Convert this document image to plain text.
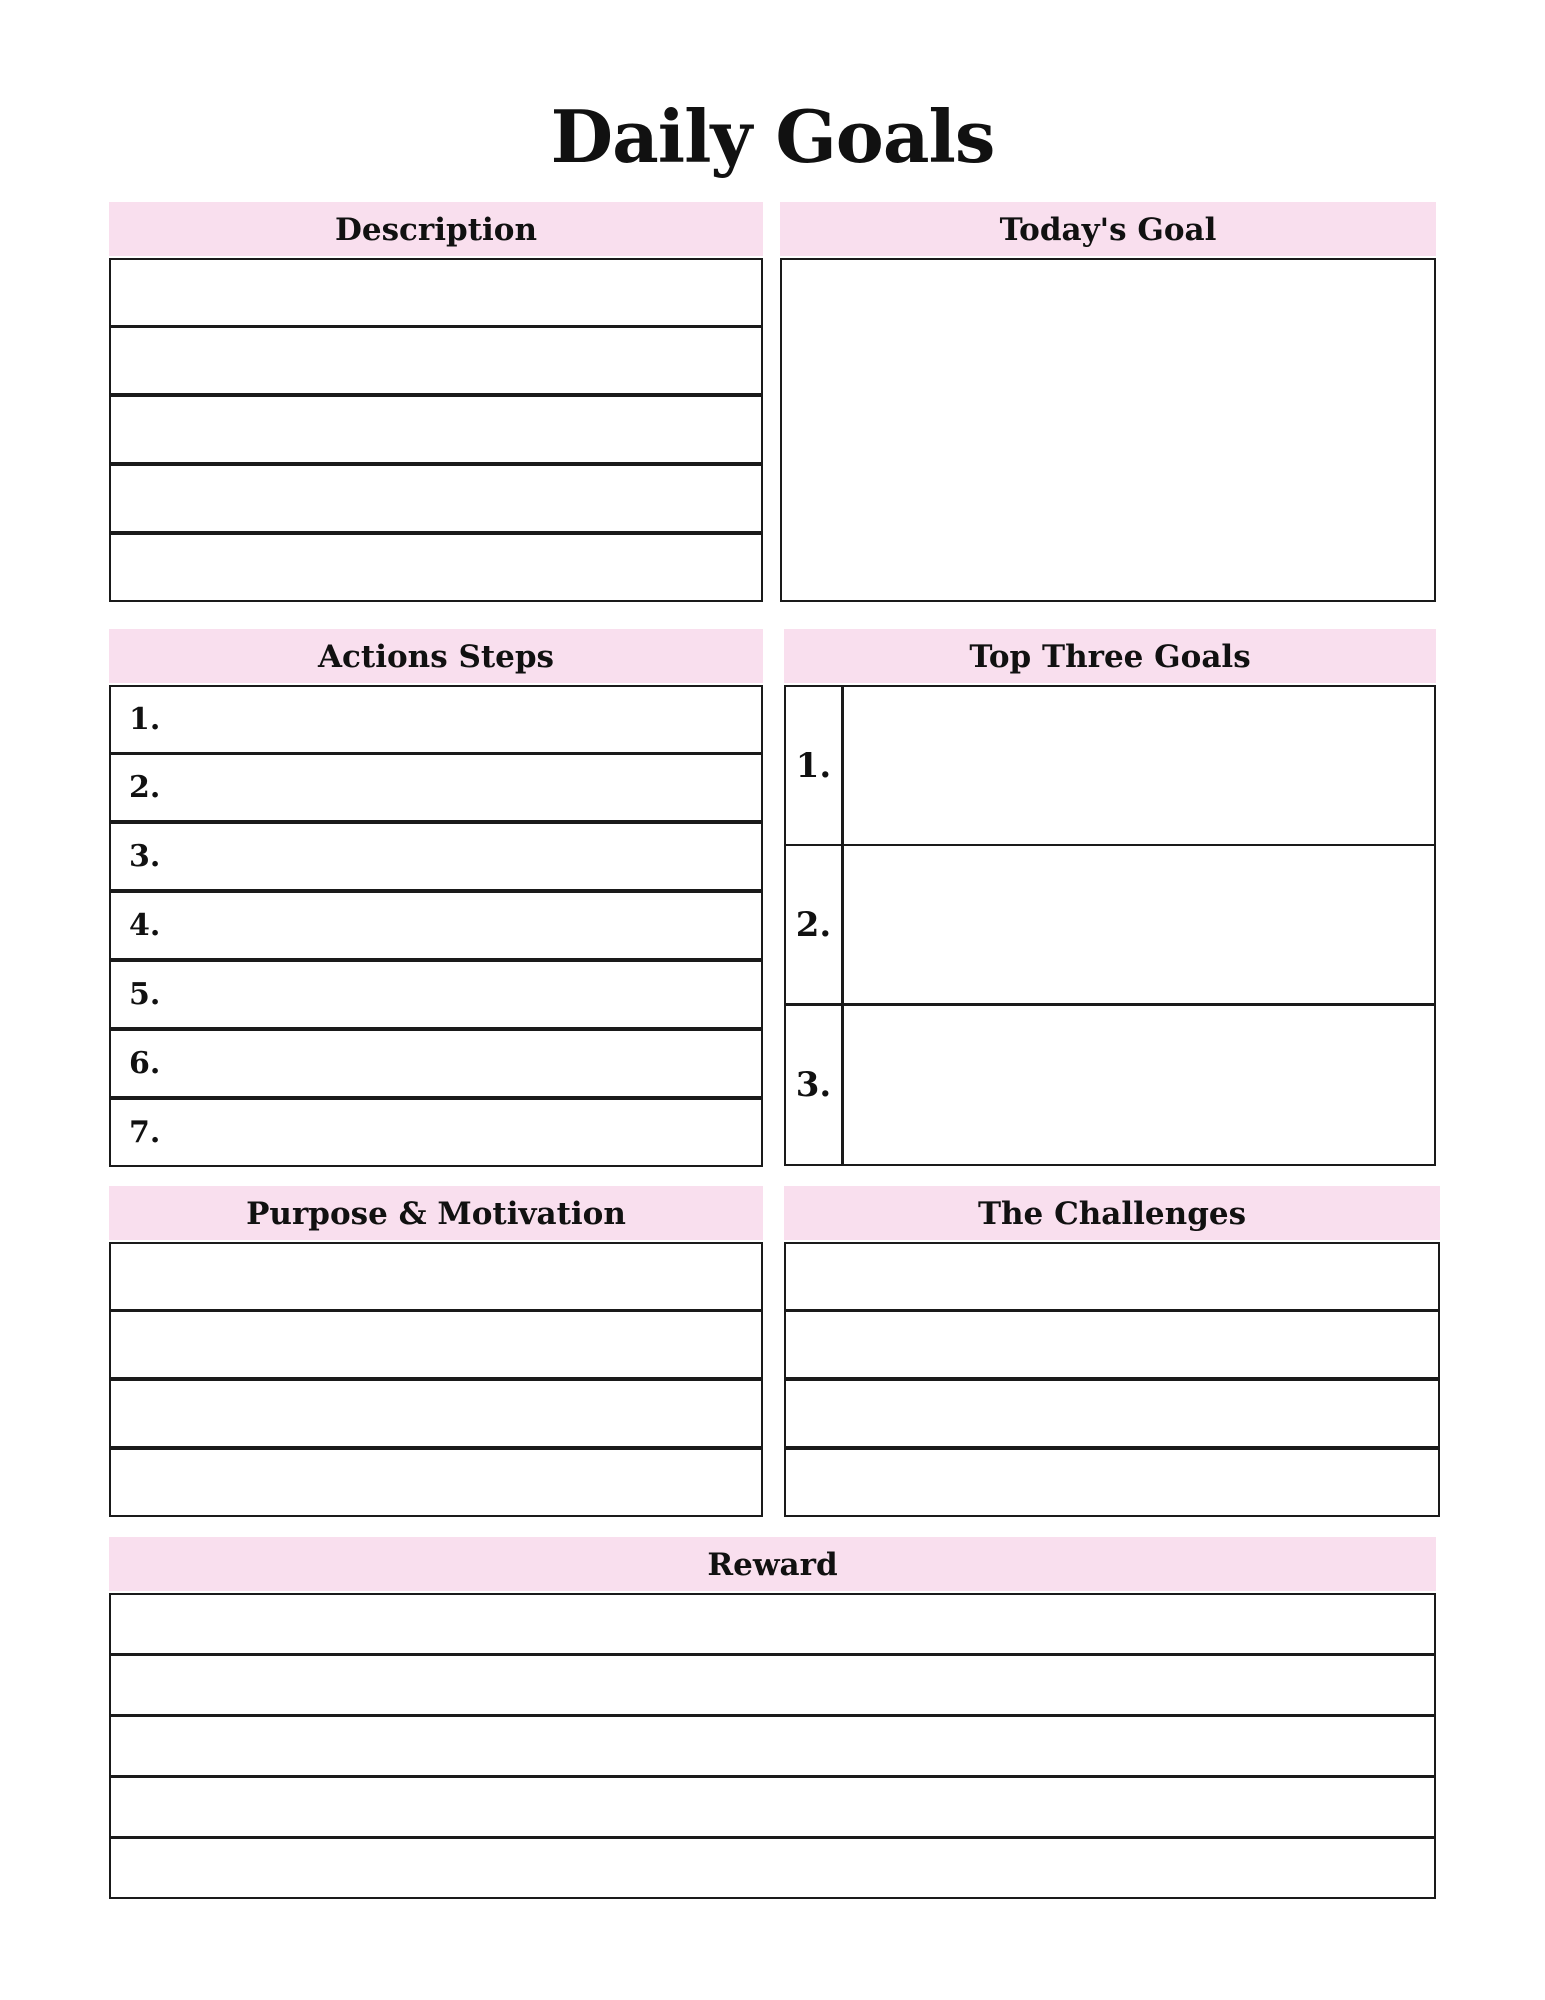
Daily Goals
Description	Today's Goal
Actions Steps
1.
2.
3.
4.
5.
6.
7.
Top Three Goals
1.
2.
3.
Purpose & Motivation	The Challenges
Reward
